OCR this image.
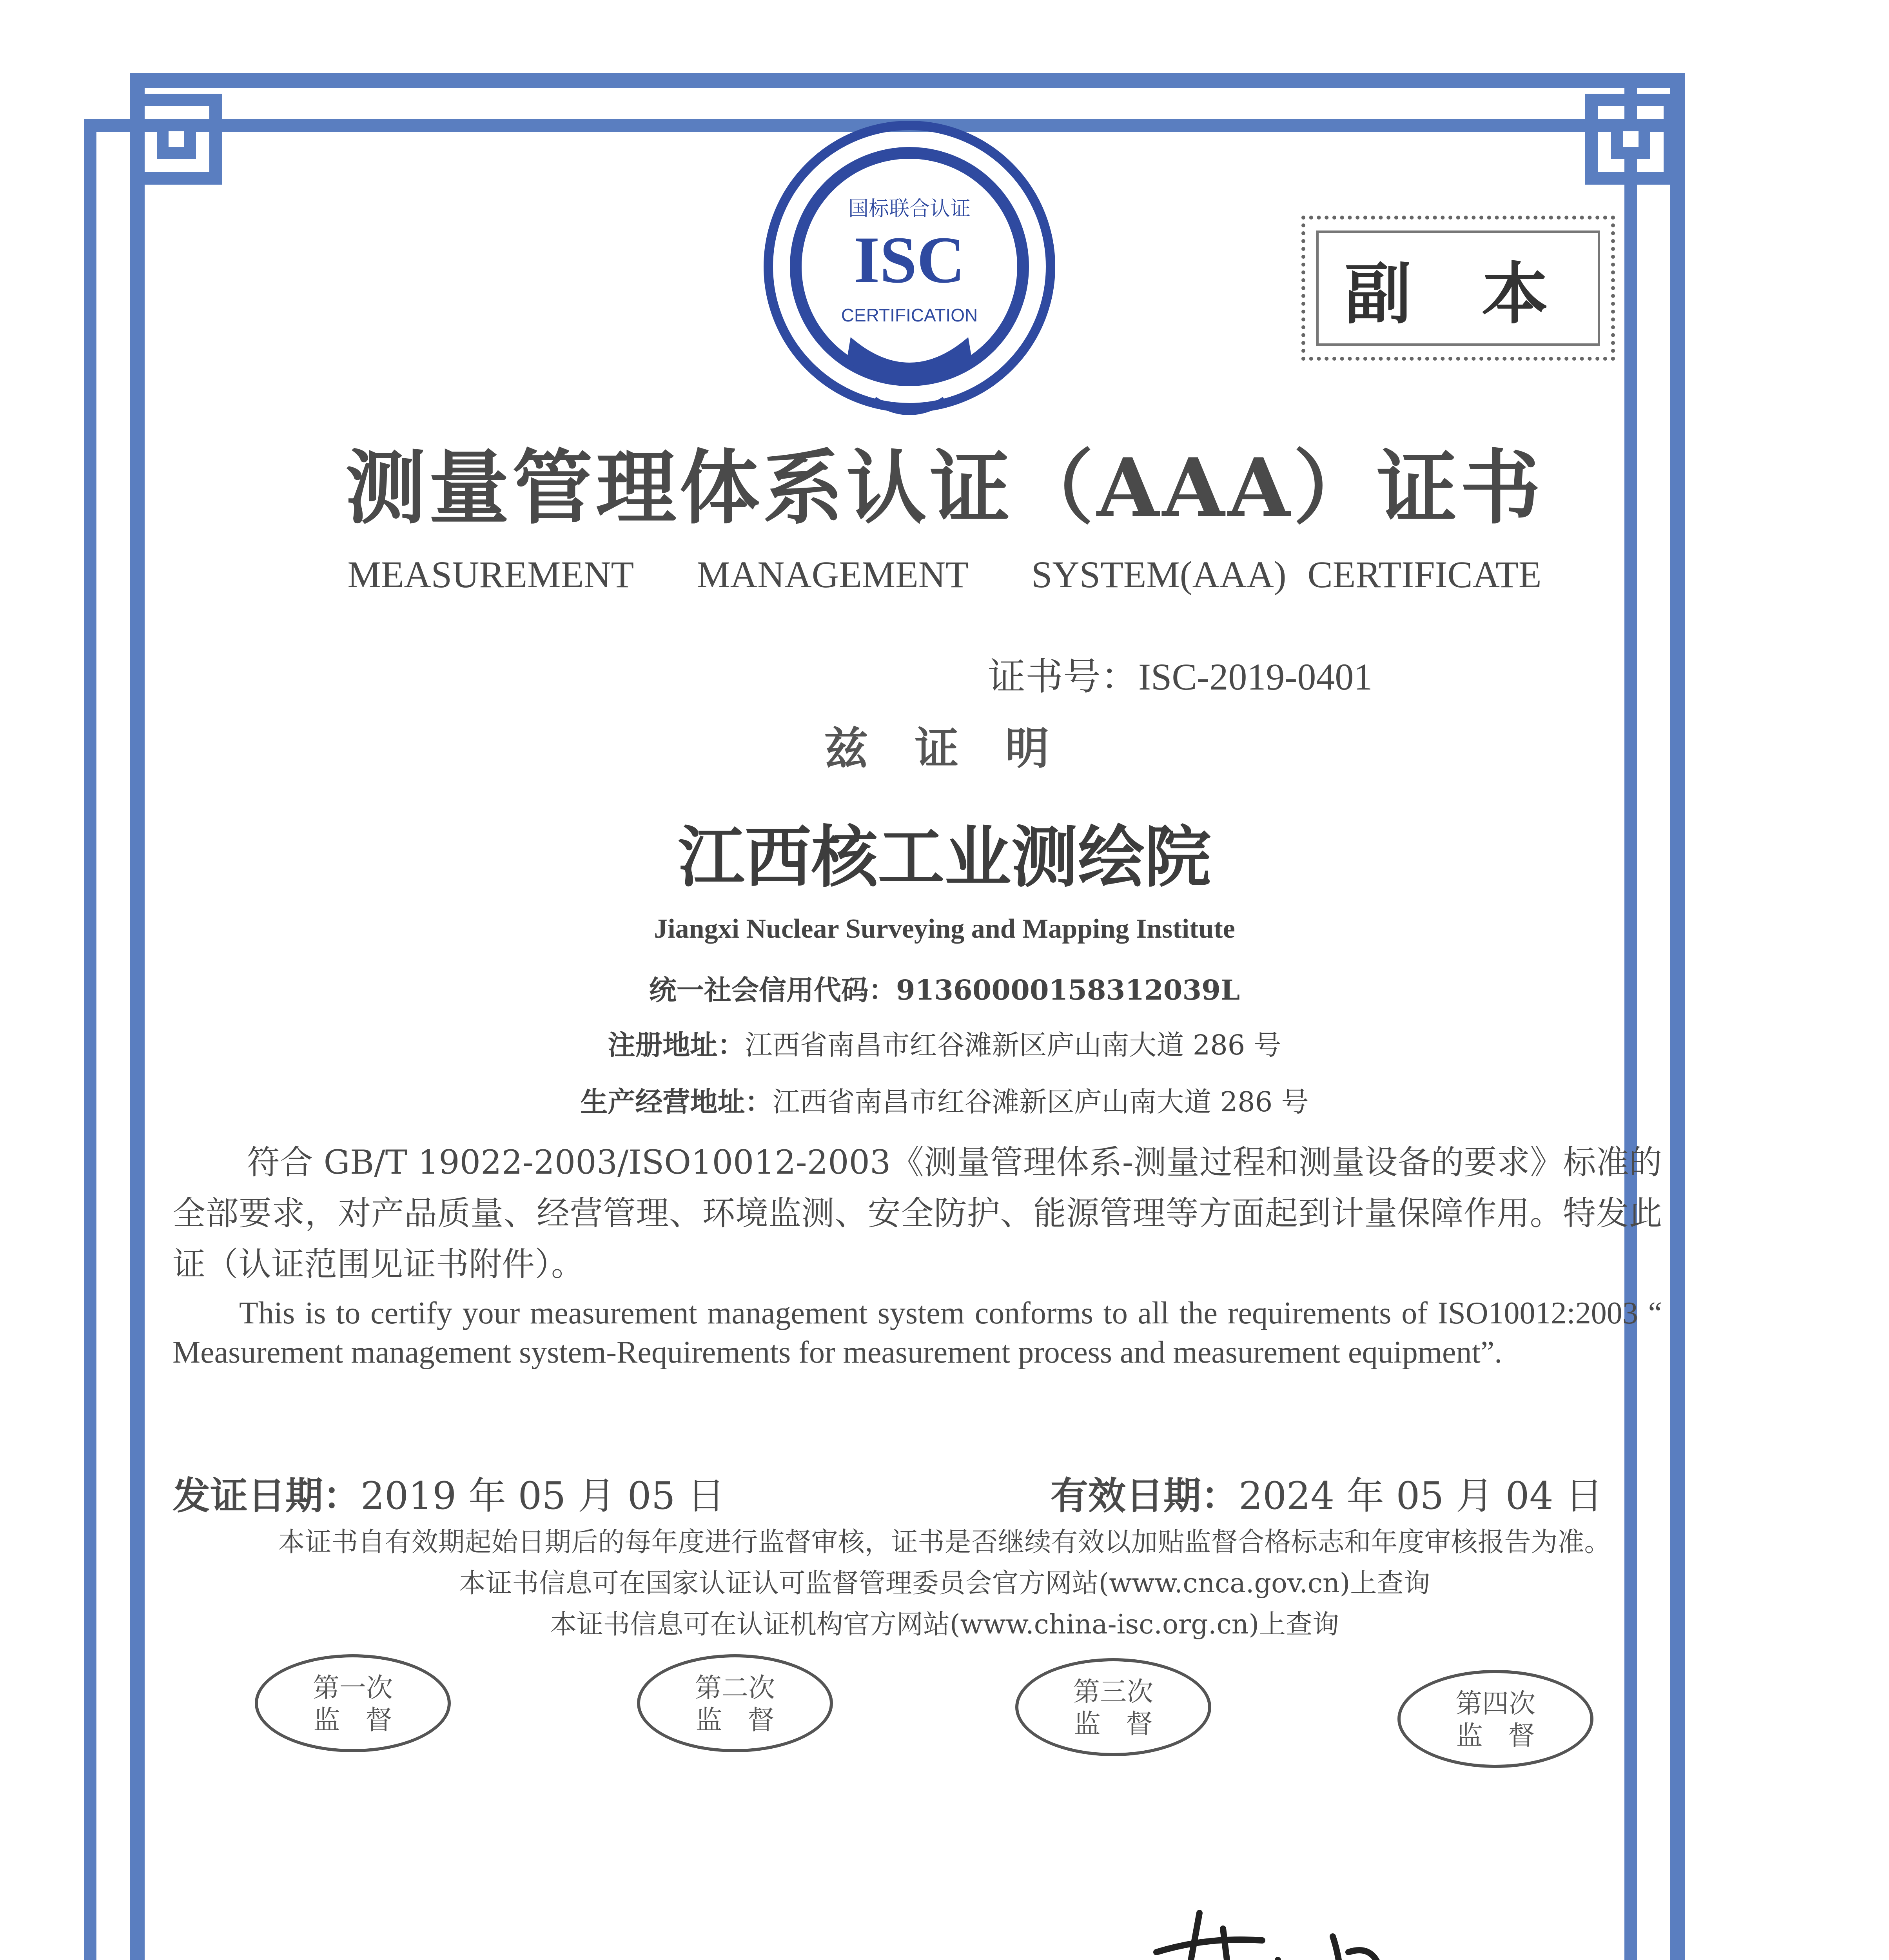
国标联合认证
ISC
CERTIFICATION	副 本
测量管理体系认证（AAA）证书
MEASUREMENT   MANAGEMENT   SYSTEM(AAA) CERTIFICATE
证书号：ISC-2019-0401
兹 证 明
江西核工业测绘院
Jiangxi Nuclear Surveying and Mapping Institute
统一社会信用代码：913600001583120​39L
注册地址：江西省南昌市红谷滩新区庐山南大道 286 号
生产经营地址：江西省南昌市红谷滩新区庐山南大道 286 号
符合 GB/T 19022-2003/ISO10012-2003《测量管理体系-测量过程和测量设备的要求》标准的全部要求，对产品质量、经营管理、环境监测、安全防护、能源管理等方面起到计量保障作用。特发此证（认证范围见证书附件）。
This is to certify your measurement management system conforms to all the requirements of ISO10012:2003 “ Measurement management system-Requirements for measurement process and measurement equipment”.
发证日期：2019 年 05 月 05 日	有效日期：2024 年 05 月 04 日
本证书自有效期起始日期后的每年度进行监督审核，证书是否继续有效以加贴监督合格标志和年度审核报告为准。
本证书信息可在国家认证认可监督管理委员会官方网站(www.cnca.gov.cn)上查询
本证书信息可在认证机构官方网站(www.china-isc.org.cn)上查询
第一次
监   督
第二次
监   督
第三次
监   督
第四次
监   督
